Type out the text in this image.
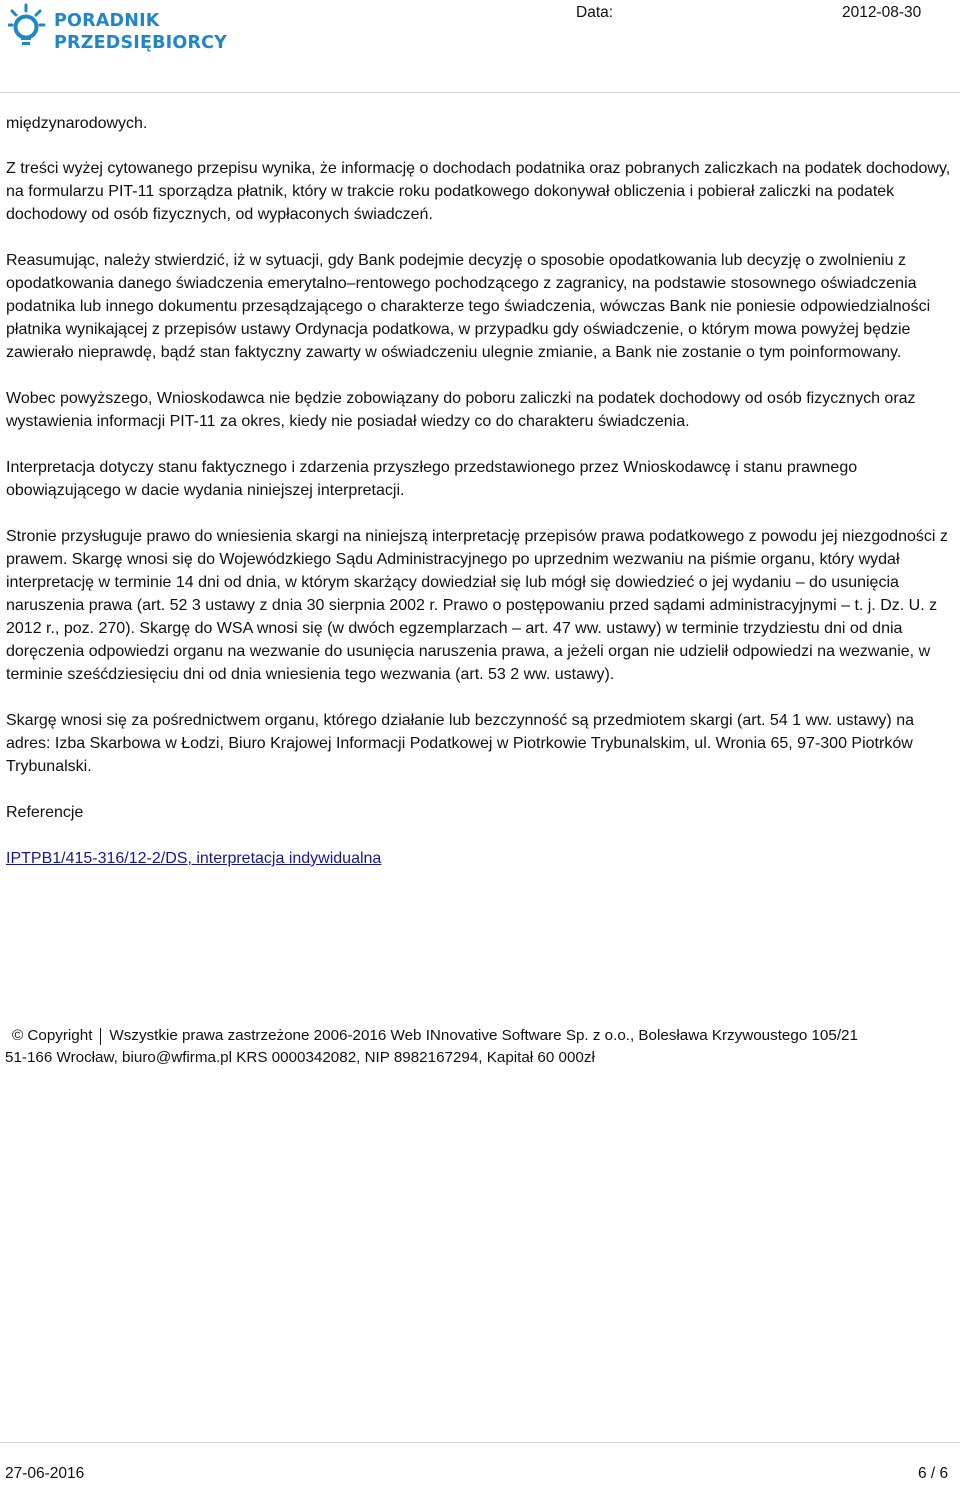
PORADNIK
PRZEDSIĘBIORCY
Data:	2012-08-30

międzynarodowych.

Z treści wyżej cytowanego przepisu wynika, że informację o dochodach podatnika oraz pobranych zaliczkach na podatek dochodowy, na formularzu PIT-11 sporządza płatnik, który w trakcie roku podatkowego dokonywał obliczenia i pobierał zaliczki na podatek dochodowy od osób fizycznych, od wypłaconych świadczeń.

Reasumując, należy stwierdzić, iż w sytuacji, gdy Bank podejmie decyzję o sposobie opodatkowania lub decyzję o zwolnieniu z opodatkowania danego świadczenia emerytalno–rentowego pochodzącego z zagranicy, na podstawie stosownego oświadczenia podatnika lub innego dokumentu przesądzającego o charakterze tego świadczenia, wówczas Bank nie poniesie odpowiedzialności płatnika wynikającej z przepisów ustawy Ordynacja podatkowa, w przypadku gdy oświadczenie, o którym mowa powyżej będzie zawierało nieprawdę, bądź stan faktyczny zawarty w oświadczeniu ulegnie zmianie, a Bank nie zostanie o tym poinformowany.

Wobec powyższego, Wnioskodawca nie będzie zobowiązany do poboru zaliczki na podatek dochodowy od osób fizycznych oraz wystawienia informacji PIT-11 za okres, kiedy nie posiadał wiedzy co do charakteru świadczenia.

Interpretacja dotyczy stanu faktycznego i zdarzenia przyszłego przedstawionego przez Wnioskodawcę i stanu prawnego obowiązującego w dacie wydania niniejszej interpretacji.

Stronie przysługuje prawo do wniesienia skargi na niniejszą interpretację przepisów prawa podatkowego z powodu jej niezgodności z prawem. Skargę wnosi się do Wojewódzkiego Sądu Administracyjnego po uprzednim wezwaniu na piśmie organu, który wydał interpretację w terminie 14 dni od dnia, w którym skarżący dowiedział się lub mógł się dowiedzieć o jej wydaniu – do usunięcia naruszenia prawa (art. 52 3 ustawy z dnia 30 sierpnia 2002 r. Prawo o postępowaniu przed sądami administracyjnymi – t. j. Dz. U. z 2012 r., poz. 270). Skargę do WSA wnosi się (w dwóch egzemplarzach – art. 47 ww. ustawy) w terminie trzydziestu dni od dnia doręczenia odpowiedzi organu na wezwanie do usunięcia naruszenia prawa, a jeżeli organ nie udzielił odpowiedzi na wezwanie, w terminie sześćdziesięciu dni od dnia wniesienia tego wezwania (art. 53 2 ww. ustawy).

Skargę wnosi się za pośrednictwem organu, którego działanie lub bezczynność są przedmiotem skargi (art. 54 1 ww. ustawy) na adres: Izba Skarbowa w Łodzi, Biuro Krajowej Informacji Podatkowej w Piotrkowie Trybunalskim, ul. Wronia 65, 97-300 Piotrków Trybunalski.

Referencje

IPTPB1/415-316/12-2/DS, interpretacja indywidualna

© Copyright Wszystkie prawa zastrzeżone 2006-2016 Web INnovative Software Sp. z o.o., Bolesława Krzywoustego 105/21
51-166 Wrocław, biuro@wfirma.pl KRS 0000342082, NIP 8982167294, Kapitał 60 000zł
27-06-2016	6 / 6
